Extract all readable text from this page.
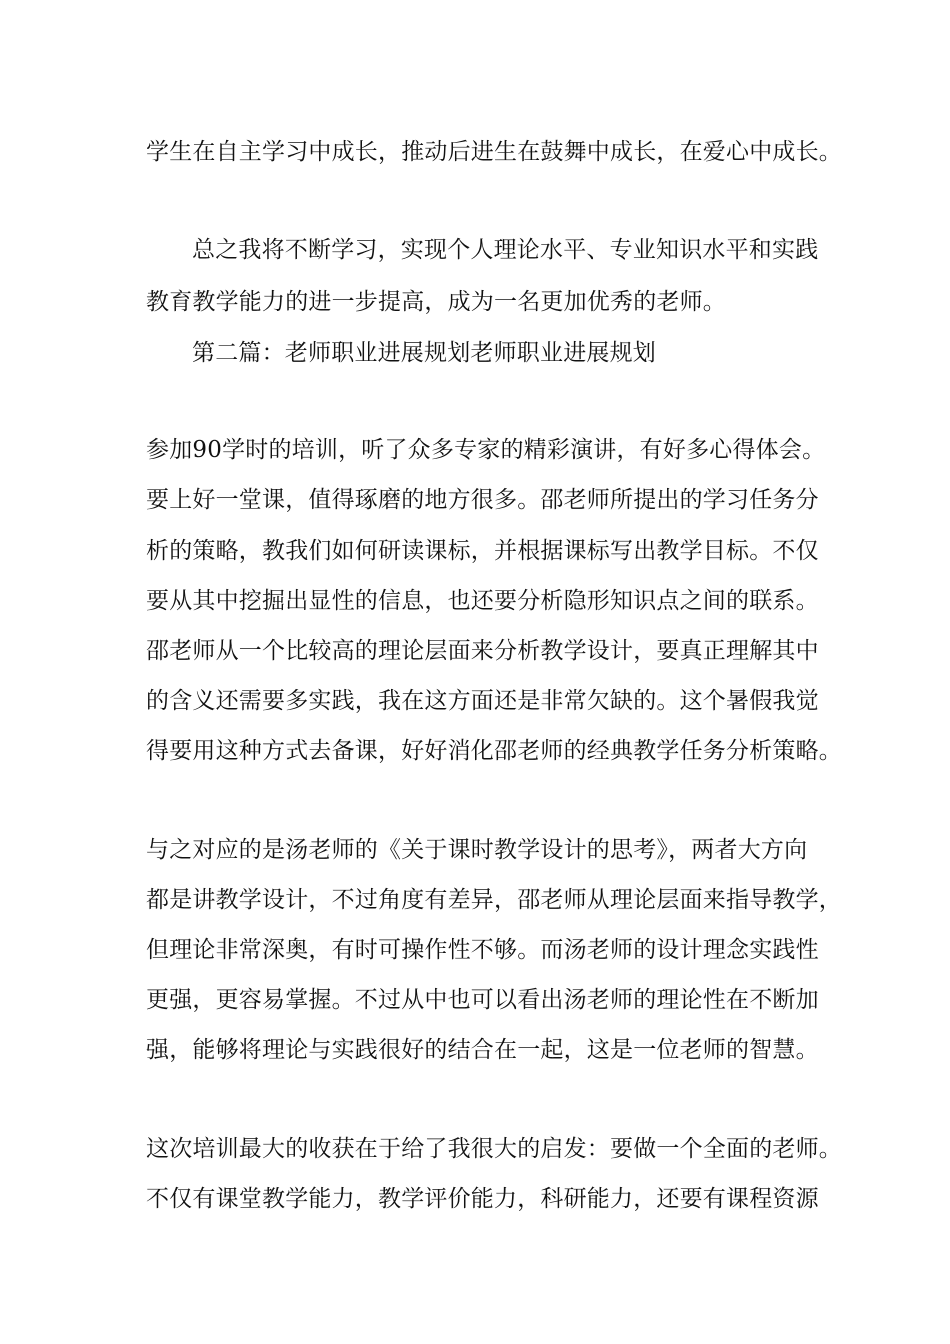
学生在自主学习中成长，推动后进生在鼓舞中成长，在爱心中成长。
总之我将不断学习，实现个人理论水平、专业知识水平和实践
教育教学能力的进一步提高，成为一名更加优秀的老师。
第二篇：老师职业进展规划老师职业进展规划
参加90学时的培训，听了众多专家的精彩演讲，有好多心得体会。
要上好一堂课，值得琢磨的地方很多。邵老师所提出的学习任务分
析的策略，教我们如何研读课标，并根据课标写出教学目标。不仅
要从其中挖掘出显性的信息，也还要分析隐形知识点之间的联系。
邵老师从一个比较高的理论层面来分析教学设计，要真正理解其中
的含义还需要多实践，我在这方面还是非常欠缺的。这个暑假我觉
得要用这种方式去备课，好好消化邵老师的经典教学任务分析策略。
与之对应的是汤老师的《关于课时教学设计的思考》，两者大方向
都是讲教学设计，不过角度有差异，邵老师从理论层面来指导教学，
但理论非常深奥，有时可操作性不够。而汤老师的设计理念实践性
更强，更容易掌握。不过从中也可以看出汤老师的理论性在不断加
强，能够将理论与实践很好的结合在一起，这是一位老师的智慧。
这次培训最大的收获在于给了我很大的启发：要做一个全面的老师。
不仅有课堂教学能力，教学评价能力，科研能力，还要有课程资源
